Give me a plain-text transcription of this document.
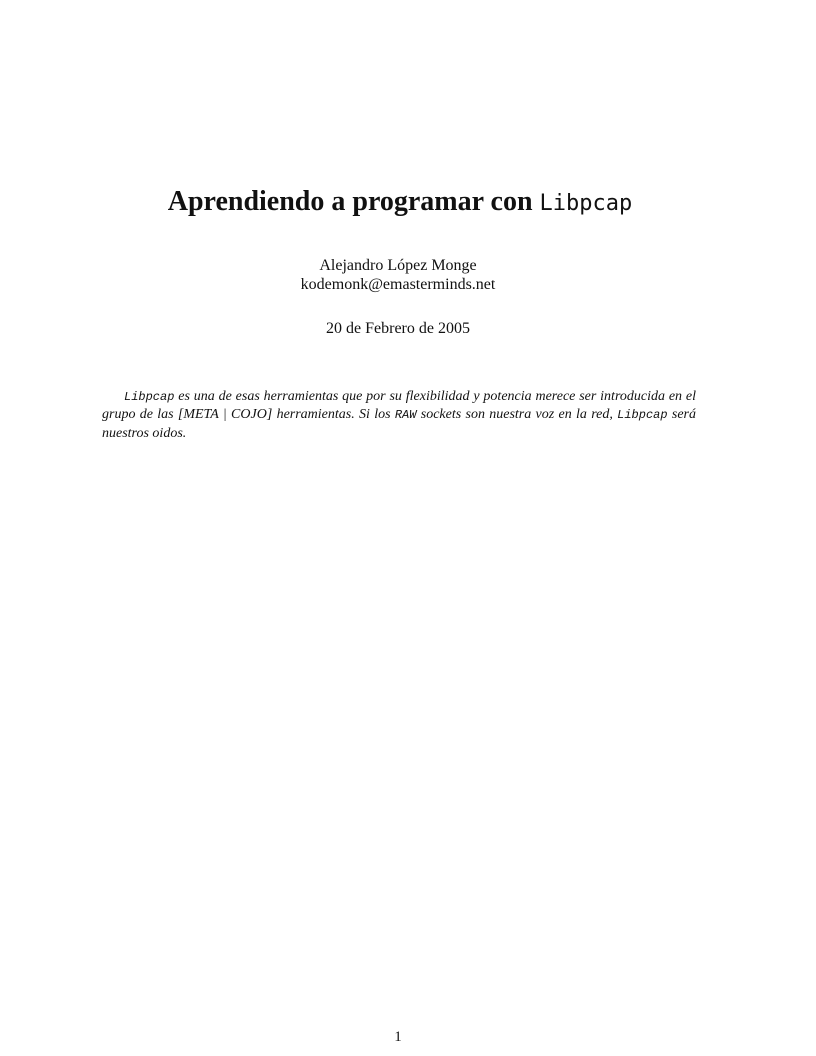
Aprendiendo a programar con Libpcap
Alejandro López Monge
kodemonk@emasterminds.net
20 de Febrero de 2005

Libpcap es una de esas herramientas que por su flexibilidad y potencia merece ser introducida en el grupo de las [META | COJO] herramientas. Si los RAW sockets son nuestra voz en la red, Libpcap será nuestros oidos.

1
